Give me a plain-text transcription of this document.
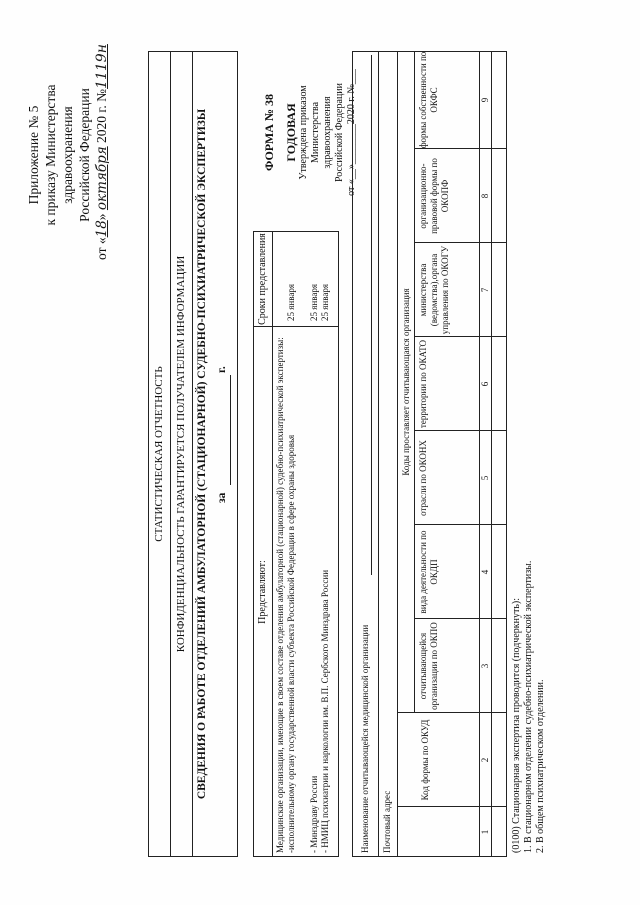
Приложение № 5 к приказу Министерства здравоохранения Российской Федерации
от «18» октября 2020 г. №1119н
СТАТИСТИЧЕСКАЯ ОТЧЕТНОСТЬ КОНФИДЕНЦИАЛЬНОСТЬ ГАРАНТИРУЕТСЯ ПОЛУЧАТЕЛЕМ ИНФОРМАЦИИ СВЕДЕНИЯ О РАБОТЕ ОТДЕЛЕНИЙ АМБУЛАТОРНОЙ (СТАЦИОНАРНОЙ) СУДЕБНО-ПСИХИАТРИЧЕСКОЙ ЭКСПЕРТИЗЫ за
г.
Представляют:
Сроки представления
Медицинские организации, имеющие в своем составе отделения амбулаторной (стационарной) судебно-психиатрической экспертизы: -исполнительному органу государственной власти субъекта Российской Федерации в сфере охраны здоровья - Минздраву России - НМИЦ психиатрии и наркологии им. В.П. Сербского Минздрава России
25 января 25 января 25 января
ФОРМА № 38 ГОДОВАЯ Утверждена приказом Министерства здравоохранения Российской Федерации от «__»________2020 г. №___
Наименование отчитывающейся медицинской организации Почтовый адрес
Коды проставляет отчитывающаяся организация
Код формы по ОКУД
отчитывающейся организации по ОКПО
вида деятельности по ОКДП
отрасли по ОКОНХ
территории по ОКАТО
министерства (ведомства),органа управления по ОКОГУ
организационно-правовой формы по ОКОПФ
формы собственности по ОКФС
1
2
3
4
5
6
7
8
9
(0100) Стационарная экспертиза проводится (подчеркнуть): 1. В стационарном отделении судебно-психиатрической экспертизы. 2. В общем психиатрическом отделении.
